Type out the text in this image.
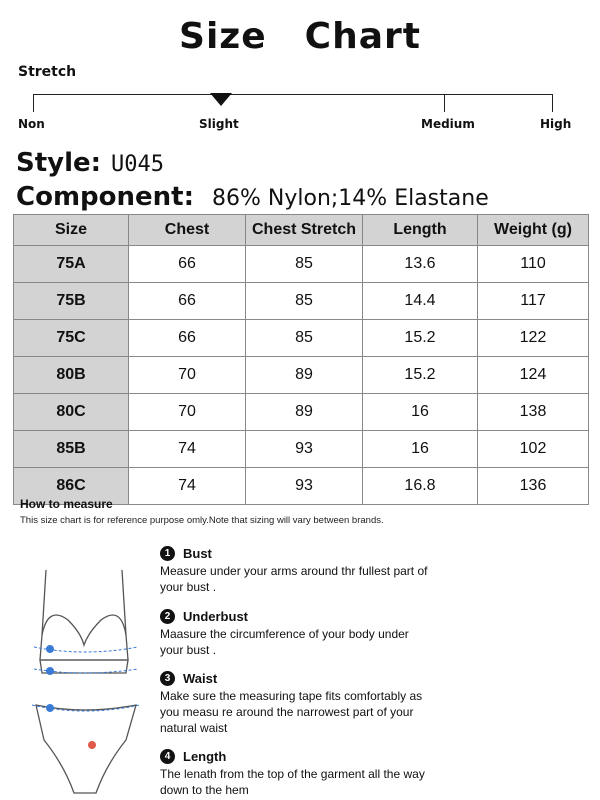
Size Chart
Stretch
Non	Slight	Medium	High
Style: U045
Component: 86% Nylon;14% Elastane
Size	Chest	Chest Stretch	Length	Weight (g)
75A	66	85	13.6	110
75B	66	85	14.4	117
75C	66	85	15.2	122
80B	70	89	15.2	124
80C	70	89	16	138
85B	74	93	16	102
86C	74	93	16.8	136
How to measure
This size chart is for reference purpose omly.Note that sizing will vary between brands.
1 Bust
Measure under your arms around thr fullest part of
your bust .
2 Underbust
Maasure the circumference of your body under
your bust .
3 Waist
Make sure the measuring tape fits comfortably as
you measu re around the narrowest part of your
natural waist
4 Length
The lenath from the top of the garment all the way
down to the hem
